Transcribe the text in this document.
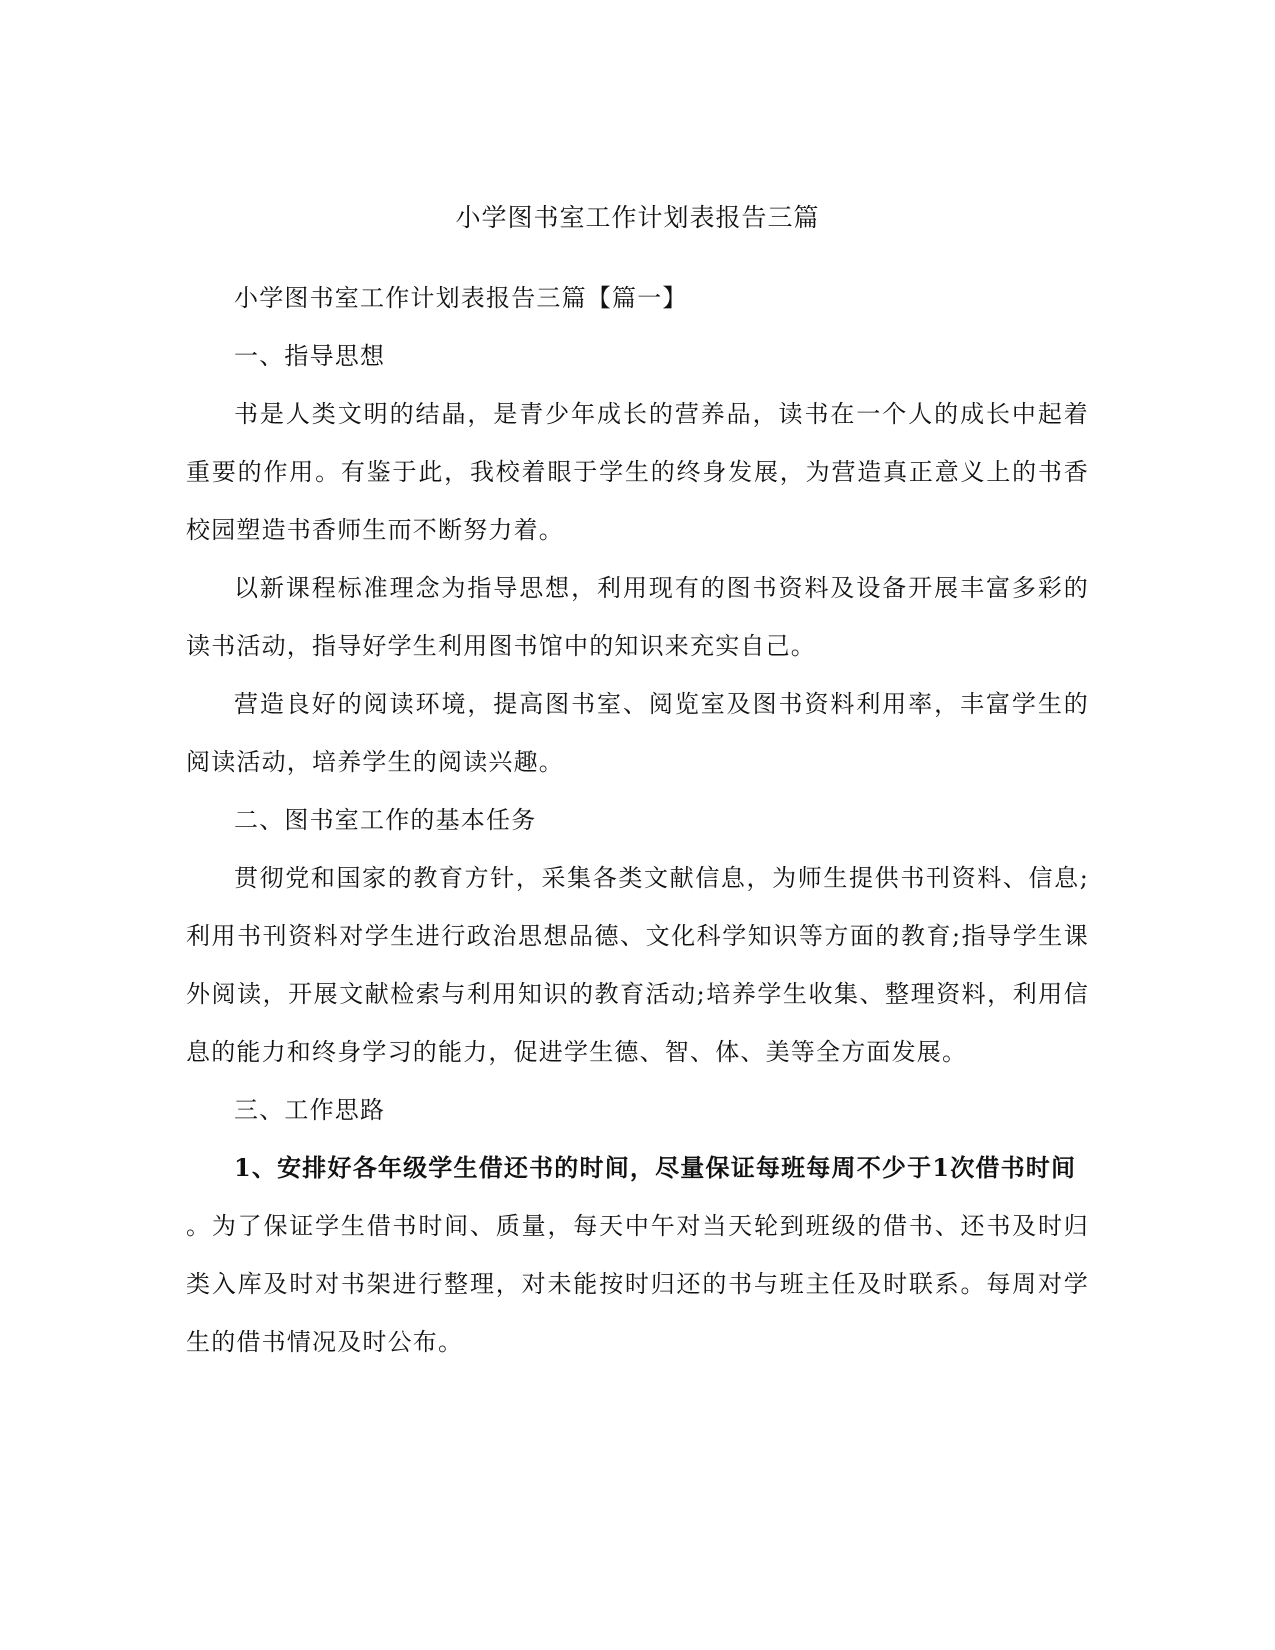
小学图书室工作计划表报告三篇

小学图书室工作计划表报告三篇【篇一】

一、指导思想

书是人类文明的结晶，是青少年成长的营养品，读书在一个人的成长中起着重要的作用。有鉴于此，我校着眼于学生的终身发展，为营造真正意义上的书香校园塑造书香师生而不断努力着。

以新课程标准理念为指导思想，利用现有的图书资料及设备开展丰富多彩的读书活动，指导好学生利用图书馆中的知识来充实自己。

营造良好的阅读环境，提高图书室、阅览室及图书资料利用率，丰富学生的阅读活动，培养学生的阅读兴趣。

二、图书室工作的基本任务

贯彻党和国家的教育方针，采集各类文献信息，为师生提供书刊资料、信息;利用书刊资料对学生进行政治思想品德、文化科学知识等方面的教育;指导学生课外阅读，开展文献检索与利用知识的教育活动;培养学生收集、整理资料，利用信息的能力和终身学习的能力，促进学生德、智、体、美等全方面发展。

三、工作思路

1、安排好各年级学生借还书的时间，尽量保证每班每周不少于1次借书时间

。为了保证学生借书时间、质量，每天中午对当天轮到班级的借书、还书及时归类入库及时对书架进行整理，对未能按时归还的书与班主任及时联系。每周对学生的借书情况及时公布。
